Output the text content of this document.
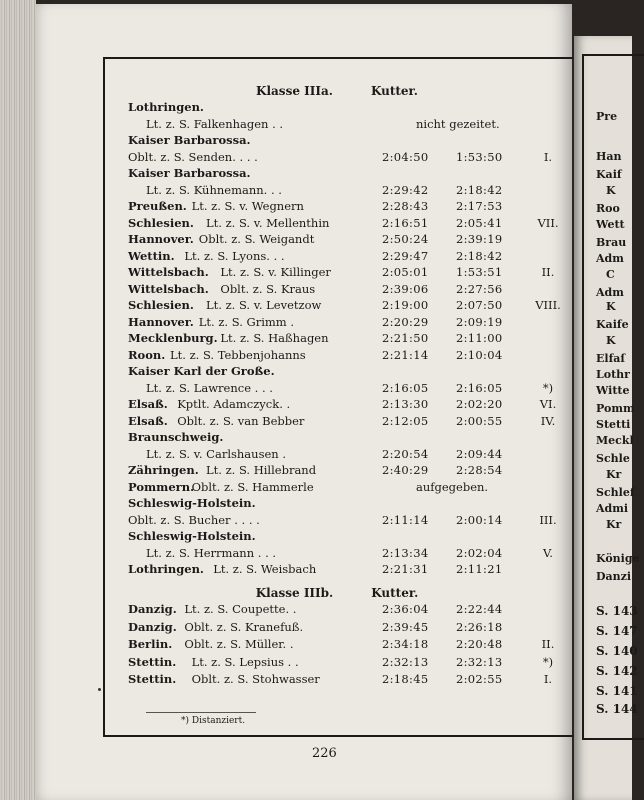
Pre
Han
Kaif
K
Roo
Wett
Brau
Adm
C
Adm
K
Kaife
K
Elfaſ
Lothr
Witte
Pomm
Stetti
Meckl
Schle
Kr
Schlef
Admi
Kr
Könige
Danzi
S. 143
S. 147
S. 140
S. 142
S. 141
S. 144
Klasse IIIa.	Kutter.
Lothringen.
Lt. z. S. Falkenhagen . .	nicht gezeitet.
Kaiser Barbarossa.
Oblt. z. S. Senden. . . .	2:04:50 1:53:50	I.
Kaiser Barbarossa.
Lt. z. S. Kühnemann. . .	2:29:42 2:18:42
Preußen. Lt. z. S. v. Wegnern	2:28:43 2:17:53
Schlesien. Lt. z. S. v. Mellenthin	2:16:51 2:05:41	VII.
Hannover. Oblt. z. S. Weigandt	2:50:24 2:39:19
Wettin. Lt. z. S. Lyons. . .	2:29:47 2:18:42
Wittelsbach. Lt. z. S. v. Killinger	2:05:01 1:53:51	II.
Wittelsbach. Oblt. z. S. Kraus	2:39:06 2:27:56
Schlesien. Lt. z. S. v. Levetzow	2:19:00 2:07:50	VIII.
Hannover. Lt. z. S. Grimm .	2:20:29 2:09:19
Mecklenburg. Lt. z. S. Haßhagen	2:21:50 2:11:00
Roon. Lt. z. S. Tebbenjohanns	2:21:14 2:10:04
Kaiser Karl der Große.
Lt. z. S. Lawrence . . .	2:16:05 2:16:05	*)
Elsaß. Kptlt. Adamczyck. .	2:13:30 2:02:20	VI.
Elsaß. Oblt. z. S. van Bebber	2:12:05 2:00:55	IV.
Braunschweig.
Lt. z. S. v. Carlshausen .	2:20:54 2:09:44
Zähringen. Lt. z. S. Hillebrand	2:40:29 2:28:54
Pommern.
Oblt. z. S. Hammerle	aufgegeben.
Schleswig-Holstein.
Oblt. z. S. Bucher . . . .	2:11:14 2:00:14	III.
Schleswig-Holstein.
Lt. z. S. Herrmann . . .	2:13:34 2:02:04	V.
Lothringen. Lt. z. S. Weisbach	2:21:31 2:11:21
Klasse IIIb.	Kutter.
Danzig. Lt. z. S. Coupette. .	2:36:04 2:22:44
Danzig. Oblt. z. S. Kranefuß.	2:39:45 2:26:18
Berlin. Oblt. z. S. Müller. .	2:34:18 2:20:48	II.
Stettin. Lt. z. S. Lepsius . .	2:32:13 2:32:13	*)
Stettin. Oblt. z. S. Stohwasser	2:18:45 2:02:55	I.
*) Distanziert.
226
